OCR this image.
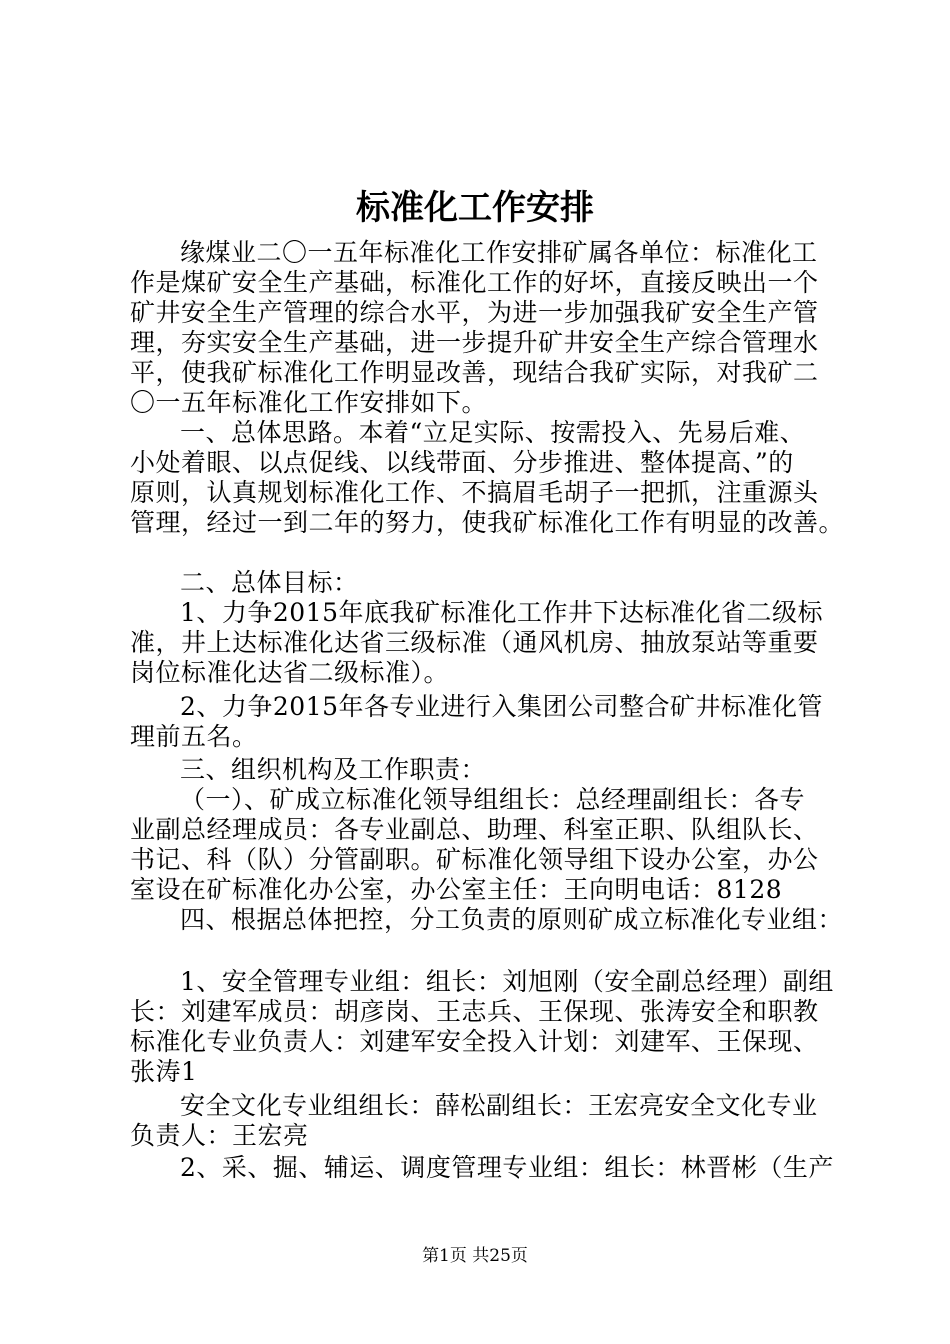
标准化工作安排
缘煤业二〇一五年标准化工作安排矿属各单位：标准化工
作是煤矿安全生产基础，标准化工作的好坏，直接反映出一个
矿井安全生产管理的综合水平，为进一步加强我矿安全生产管
理，夯实安全生产基础，进一步提升矿井安全生产综合管理水
平，使我矿标准化工作明显改善，现结合我矿实际，对我矿二
〇一五年标准化工作安排如下。
一、总体思路。本着“立足实际、按需投入、先易后难、
小处着眼、以点促线、以线带面、分步推进、整体提高、”的
原则，认真规划标准化工作、不搞眉毛胡子一把抓，注重源头
管理，经过一到二年的努力，使我矿标准化工作有明显的改善。
二、总体目标：
1、力争2015年底我矿标准化工作井下达标准化省二级标
准，井上达标准化达省三级标准（通风机房、抽放泵站等重要
岗位标准化达省二级标准）。
2、力争2015年各专业进行入集团公司整合矿井标准化管
理前五名。
三、组织机构及工作职责：
（一）、矿成立标准化领导组组长：总经理副组长：各专
业副总经理成员：各专业副总、助理、科室正职、队组队长、
书记、科（队）分管副职。矿标准化领导组下设办公室，办公
室设在矿标准化办公室，办公室主任：王向明电话：8128
四、根据总体把控，分工负责的原则矿成立标准化专业组：
1、安全管理专业组：组长：刘旭刚（安全副总经理）副组
长：刘建军成员：胡彦岗、王志兵、王保现、张涛安全和职教
标准化专业负责人：刘建军安全投入计划：刘建军、王保现、
张涛1
安全文化专业组组长：薛松副组长：王宏亮安全文化专业
负责人：王宏亮
2、采、掘、辅运、调度管理专业组：组长：林晋彬（生产
第1页 共25页
